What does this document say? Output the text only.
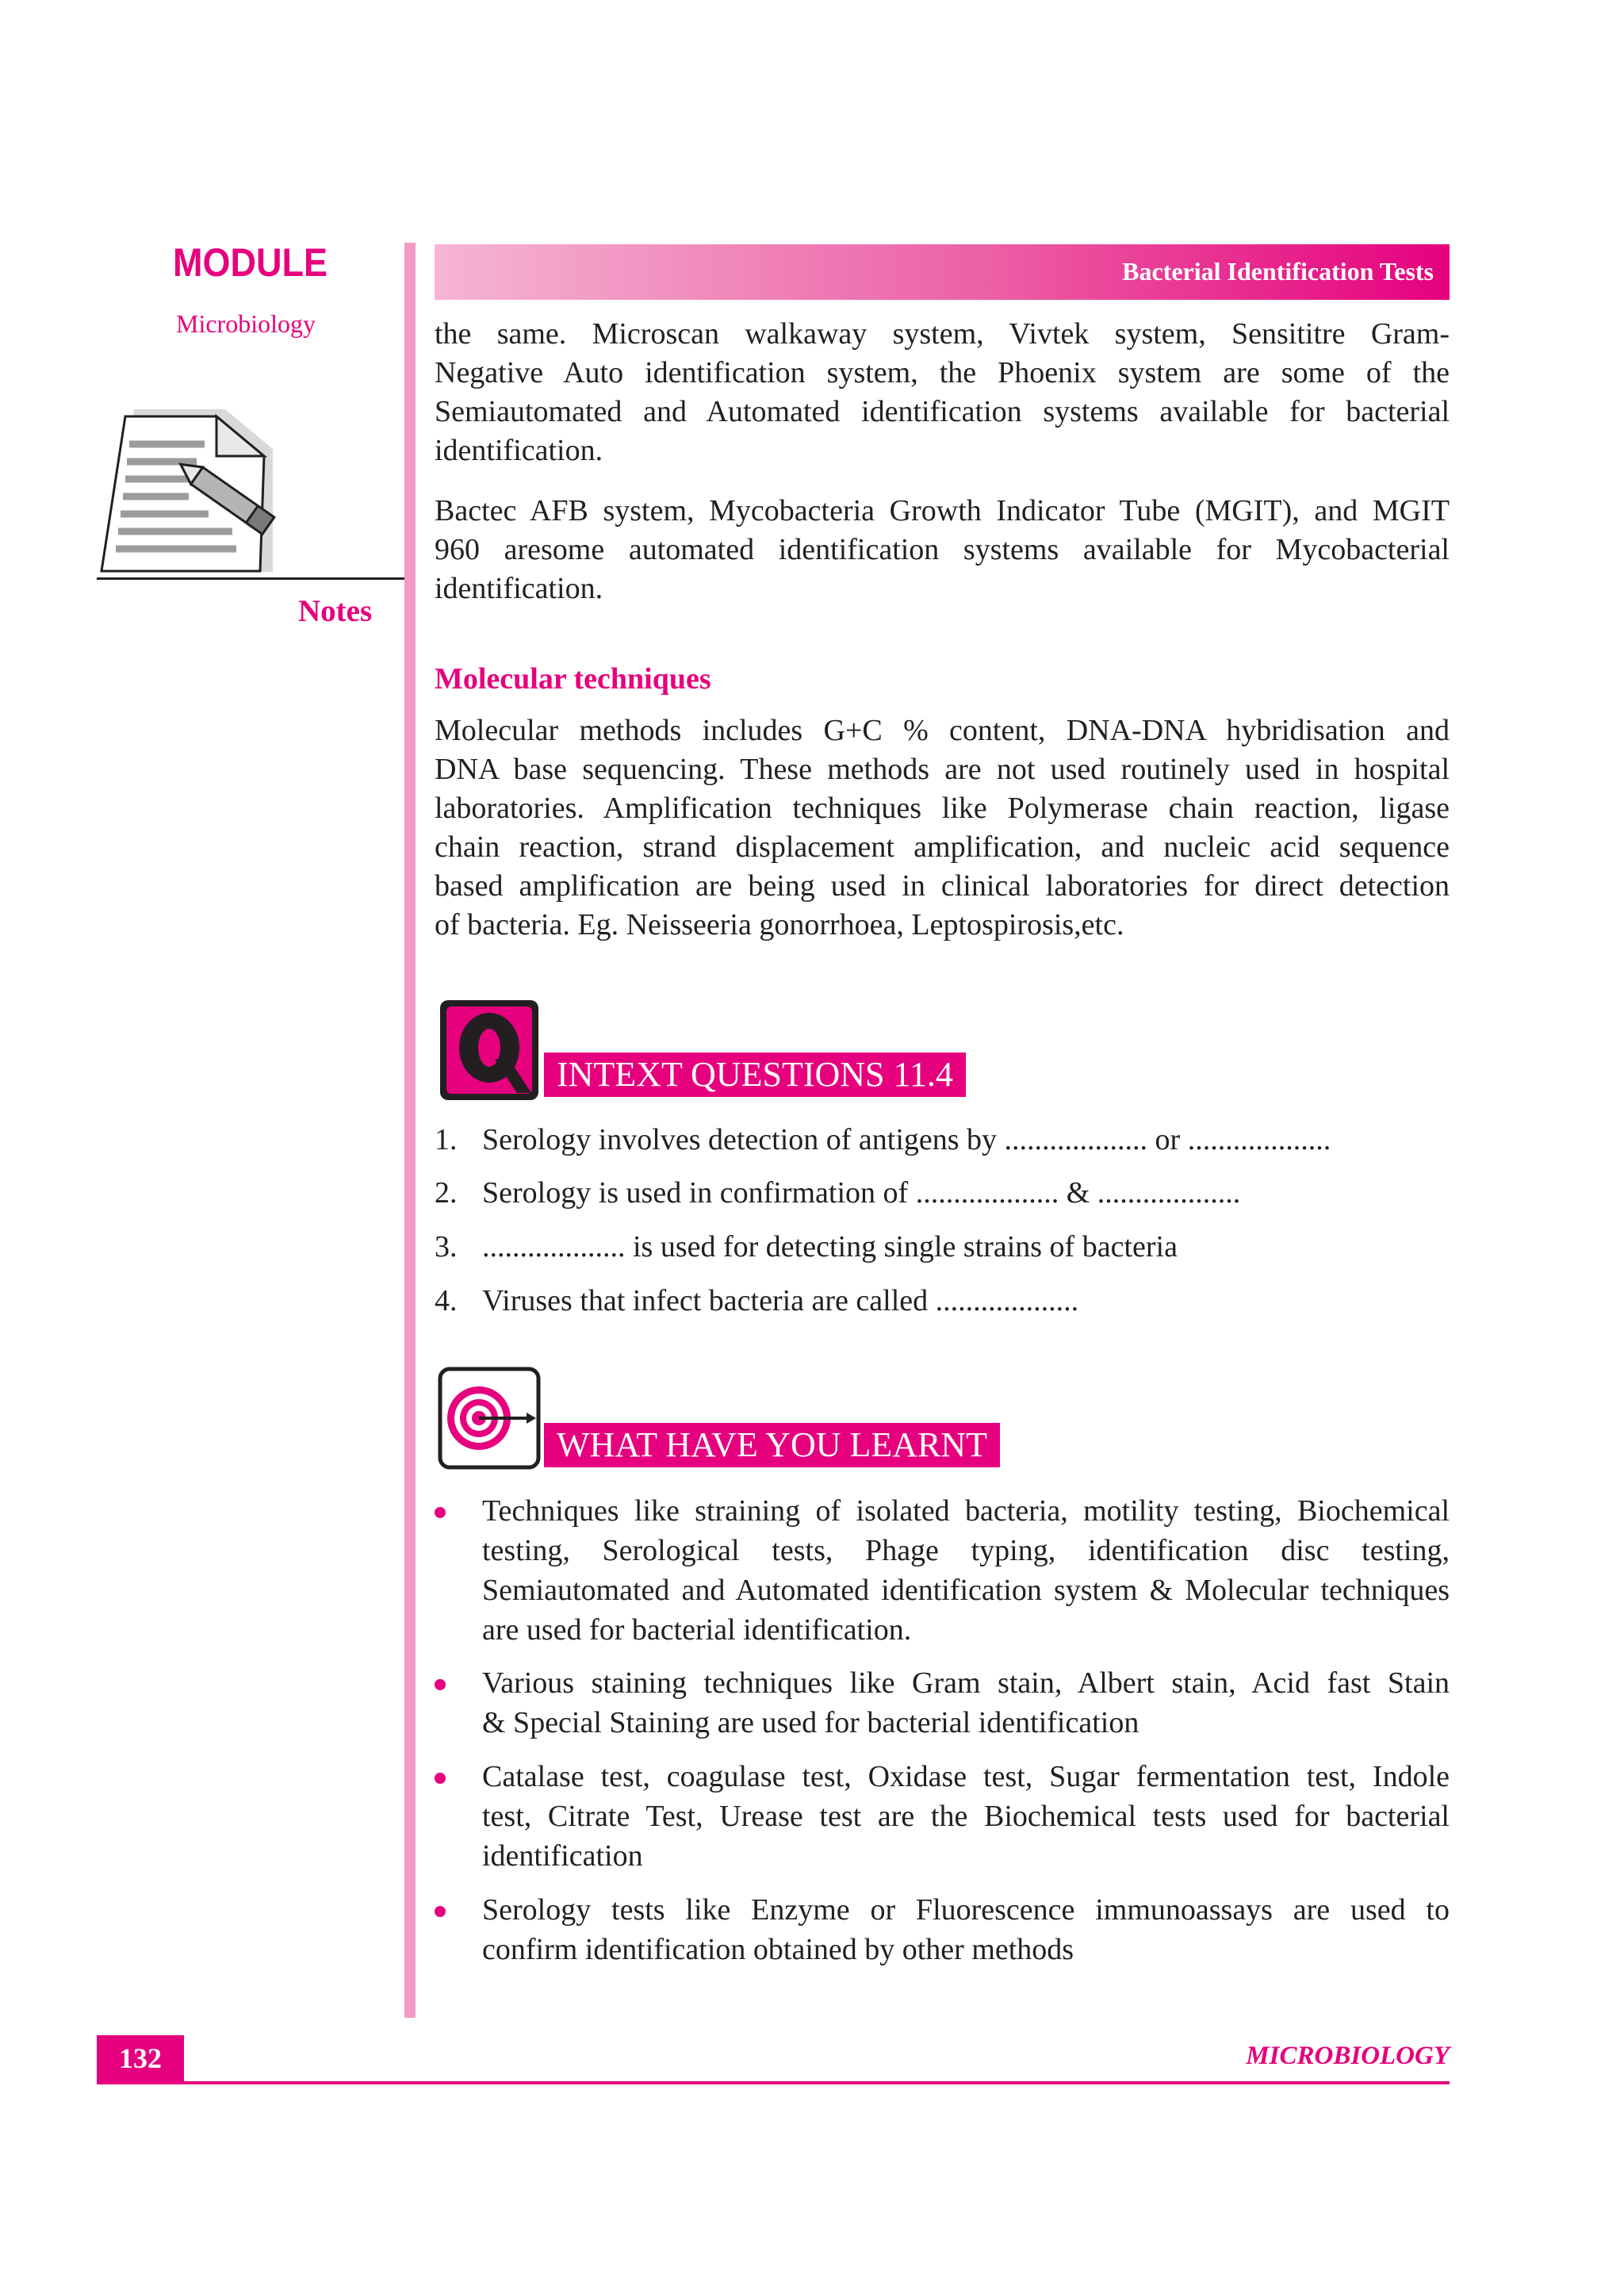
MODULE
Microbiology
Notes
Bacterial Identification Tests
the same. Microscan walkaway system, Vivtek system, Sensititre Gram-
Negative Auto identification system, the Phoenix system are some of the
Semiautomated and Automated identification systems available for bacterial
identification.
Bactec AFB system, Mycobacteria Growth Indicator Tube (MGIT), and MGIT
960 aresome automated identification systems available for Mycobacterial
identification.
Molecular techniques
Molecular methods includes G+C % content, DNA-DNA hybridisation and
DNA base sequencing. These methods are not used routinely used in hospital
laboratories. Amplification techniques like Polymerase chain reaction, ligase
chain reaction, strand displacement amplification, and nucleic acid sequence
based amplification are being used in clinical laboratories for direct detection
of bacteria. Eg. Neisseeria gonorrhoea, Leptospirosis,etc.
INTEXT QUESTIONS 11.4
1. Serology involves detection of antigens by ................... or ...................
2. Serology is used in confirmation of ................... & ...................
3. ................... is used for detecting single strains of bacteria
4. Viruses that infect bacteria are called ...................
WHAT HAVE YOU LEARNT
Techniques like straining of isolated bacteria, motility testing, Biochemical
testing, Serological tests, Phage typing, identification disc testing,
Semiautomated and Automated identification system & Molecular techniques
are used for bacterial identification.
Various staining techniques like Gram stain, Albert stain, Acid fast Stain
& Special Staining are used for bacterial identification
Catalase test, coagulase test, Oxidase test, Sugar fermentation test, Indole
test, Citrate Test, Urease test are the Biochemical tests used for bacterial
identification
Serology tests like Enzyme or Fluorescence immunoassays are used to
confirm identification obtained by other methods
132	MICROBIOLOGY
